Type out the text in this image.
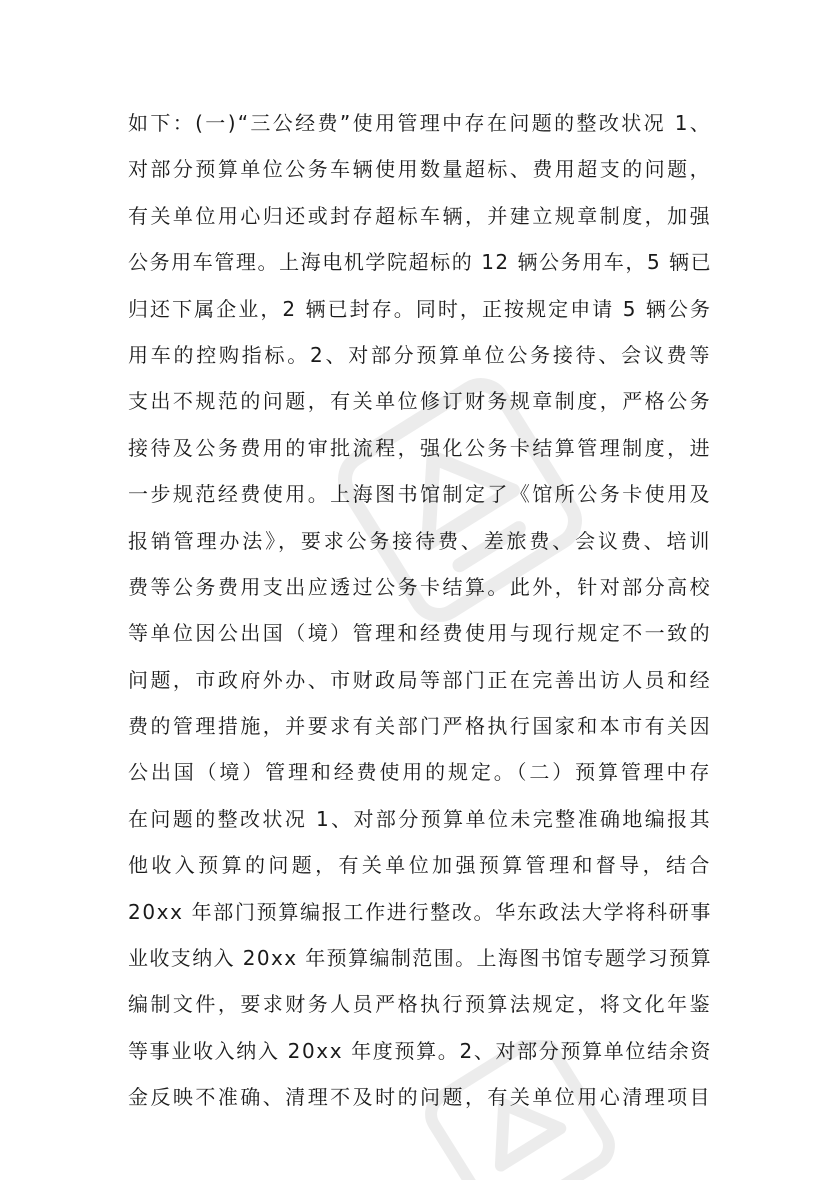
如下：(一)“三公经费”使用管理中存在问题的整改状况 1、
对部分预算单位公务车辆使用数量超标、费用超支的问题，
有关单位用心归还或封存超标车辆，并建立规章制度，加强
公务用车管理。上海电机学院超标的 12 辆公务用车，5 辆已
归还下属企业，2 辆已封存。同时，正按规定申请 5 辆公务
用车的控购指标。2、对部分预算单位公务接待、会议费等
支出不规范的问题，有关单位修订财务规章制度，严格公务
接待及公务费用的审批流程，强化公务卡结算管理制度，进
一步规范经费使用。上海图书馆制定了《馆所公务卡使用及
报销管理办法》，要求公务接待费、差旅费、会议费、培训
费等公务费用支出应透过公务卡结算。此外，针对部分高校
等单位因公出国（境）管理和经费使用与现行规定不一致的
问题，市政府外办、市财政局等部门正在完善出访人员和经
费的管理措施，并要求有关部门严格执行国家和本市有关因
公出国（境）管理和经费使用的规定。（二）预算管理中存
在问题的整改状况 1、对部分预算单位未完整准确地编报其
他收入预算的问题，有关单位加强预算管理和督导，结合
20xx 年部门预算编报工作进行整改。华东政法大学将科研事
业收支纳入 20xx 年预算编制范围。上海图书馆专题学习预算
编制文件，要求财务人员严格执行预算法规定，将文化年鉴
等事业收入纳入 20xx 年度预算。2、对部分预算单位结余资
金反映不准确、清理不及时的问题，有关单位用心清理项目
